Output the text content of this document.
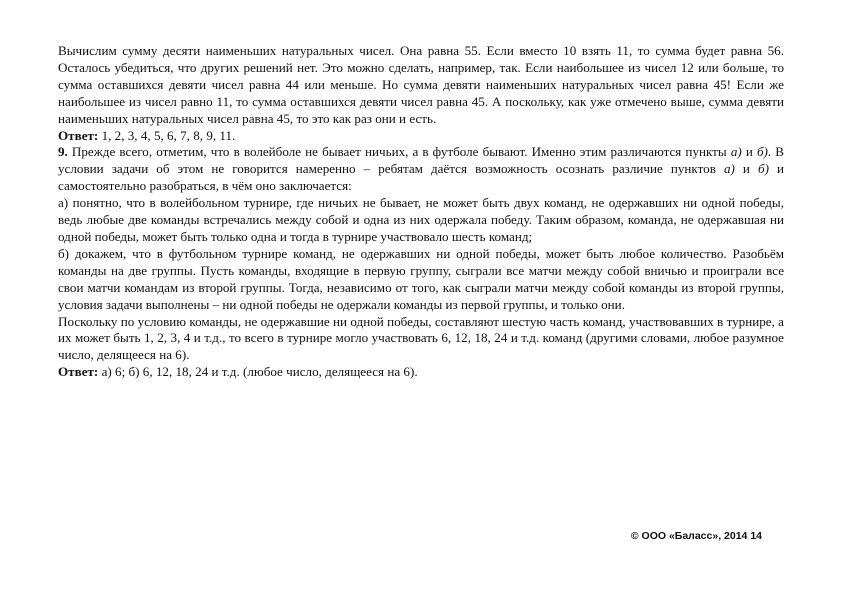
Вычислим сумму десяти наименьших натуральных чисел. Она равна 55. Если вместо 10 взять 11, то сумма будет равна 56. Осталось убедиться, что других решений нет. Это можно сделать, например, так. Если наибольшее из чисел 12 или больше, то сумма оставшихся девяти чисел равна 44 или меньше. Но сумма девяти наименьших натуральных чисел равна 45! Если же наибольшее из чисел равно 11, то сумма оставшихся девяти чисел равна 45. А поскольку, как уже отмечено выше, сумма девяти наименьших натуральных чисел равна 45, то это как раз они и есть.

Ответ: 1, 2, 3, 4, 5, 6, 7, 8, 9, 11.

9. Прежде всего, отметим, что в волейболе не бывает ничьих, а в футболе бывают. Именно этим различаются пункты а) и б). В условии задачи об этом не говорится намеренно – ребятам даётся возможность осознать различие пунктов а) и б) и самостоятельно разобраться, в чём оно заключается:

а) понятно, что в волейбольном турнире, где ничьих не бывает, не может быть двух команд, не одержавших ни одной победы, ведь любые две команды встречались между собой и одна из них одержала победу. Таким образом, команда, не одержавшая ни одной победы, может быть только одна и тогда в турнире участвовало шесть команд;

б) докажем, что в футбольном турнире команд, не одержавших ни одной победы, может быть любое количество. Разобьём команды на две группы. Пусть команды, входящие в первую группу, сыграли все матчи между собой вничью и проиграли все свои матчи командам из второй группы. Тогда, независимо от того, как сыграли матчи между собой команды из второй группы, условия задачи выполнены – ни одной победы не одержали команды из первой группы, и только они.

Поскольку по условию команды, не одержавшие ни одной победы, составляют шестую часть команд, участвовавших в турнире, а их может быть 1, 2, 3, 4 и т.д., то всего в турнире могло участвовать 6, 12, 18, 24 и т.д. команд (другими словами, любое разумное число, делящееся на 6).

Ответ: а) 6; б) 6, 12, 18, 24 и т.д. (любое число, делящееся на 6).

© ООО «Баласс», 2014 14
